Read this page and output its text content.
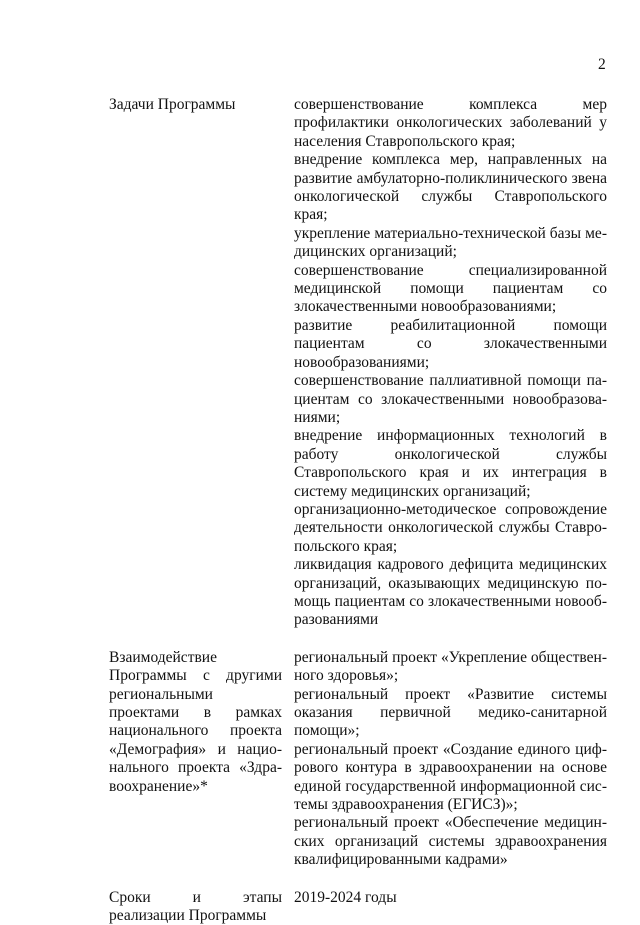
2
Задачи Программы	совершенствование комплекса мер профилактики онкологических заболеваний у населения Ставропольского края;
внедрение комплекса мер, направленных на развитие амбулаторно-поликлинического звена онкологической службы Ставропольского края;
укрепление материально-технической базы медицинских организаций;
совершенствование специализированной медицинской помощи пациентам со злокачественными новообразованиями;
развитие реабилитационной помощи пациентам со злокачественными новообразованиями;
совершенствование паллиативной помощи пациентам со злокачественными новообразованиями;
внедрение информационных технологий в работу онкологической службы Ставропольского края и их интеграция в систему медицинских организаций;
организационно-методическое сопровождение деятельности онкологической службы Ставропольского края;
ликвидация кадрового дефицита медицинских организаций, оказывающих медицинскую помощь пациентам со злокачественными новообразованиями
Взаимодействие Программы с другими региональными проектами в рамках национального проекта «Демография» и национального проекта «Здравоохранение»*
региональный проект «Укрепление общественного здоровья»;
региональный проект «Развитие системы оказания первичной медико-санитарной помощи»;
региональный проект «Создание единого цифрового контура в здравоохранении на основе единой государственной информационной системы здравоохранения (ЕГИСЗ)»;
региональный проект «Обеспечение медицинских организаций системы здравоохранения квалифицированными кадрами»
Сроки и этапы реализации Программы
2019-2024 годы
